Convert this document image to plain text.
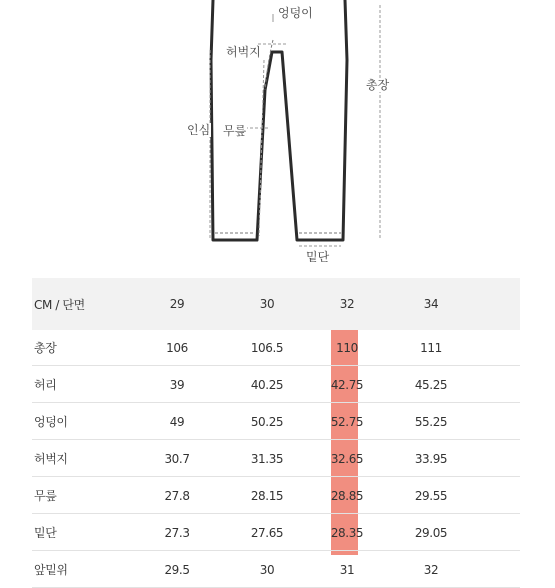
엉덩이
허벅지
인심 무릎
총장
밑단
CM / 단면	29	30	32	34
총장	106	106.5	110	111
허리	39	40.25	42.75	45.25
엉덩이	49	50.25	52.75	55.25
허벅지	30.7	31.35	32.65	33.95
무릎	27.8	28.15	28.85	29.55
밑단	27.3	27.65	28.35	29.05
앞밑위	29.5	30	31	32
